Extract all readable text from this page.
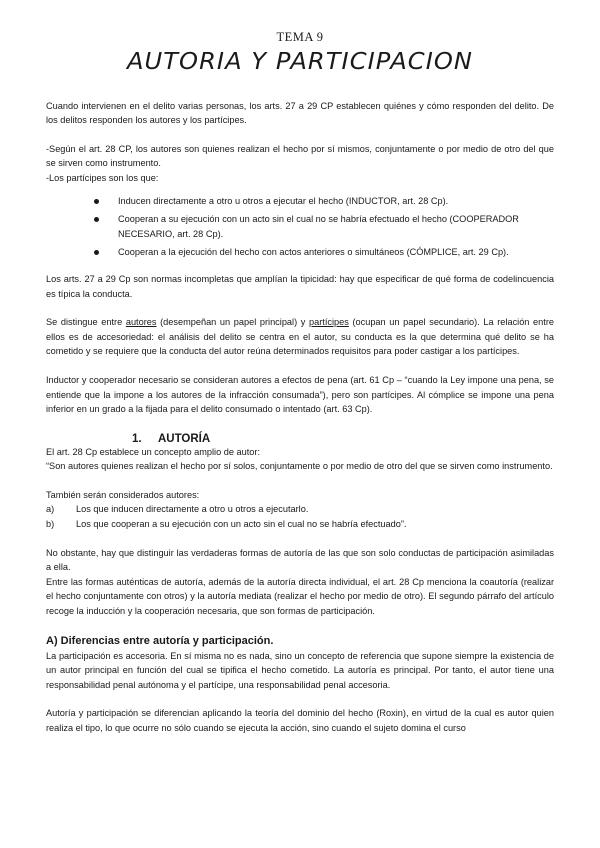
TEMA 9

AUTORIA Y PARTICIPACION

Cuando intervienen en el delito varias personas, los arts. 27 a 29 CP establecen quiénes y cómo responden del delito. De los delitos responden los autores y los partícipes.

-Según el art. 28 CP, los autores son quienes realizan el hecho por sí mismos, conjuntamente o por medio de otro del que se sirven como instrumento.

-Los partícipes son los que:

Inducen directamente a otro u otros a ejecutar el hecho (INDUCTOR, art. 28 Cp).
Cooperan a su ejecución con un acto sin el cual no se habría efectuado el hecho (COOPERADOR NECESARIO, art. 28 Cp).
Cooperan a la ejecución del hecho con actos anteriores o simultáneos (CÓMPLICE, art. 29 Cp).

Los arts. 27 a 29 Cp son normas incompletas que amplían la tipicidad: hay que especificar de qué forma de codelincuencia es típica la conducta.

Se distingue entre autores (desempeñan un papel principal) y partícipes (ocupan un papel secundario). La relación entre ellos es de accesoriedad: el análisis del delito se centra en el autor, su conducta es la que determina qué delito se ha cometido y se requiere que la conducta del autor reúna determinados requisitos para poder castigar a los partícipes.

Inductor y cooperador necesario se consideran autores a efectos de pena (art. 61 Cp – “cuando la Ley impone una pena, se entiende que la impone a los autores de la infracción consumada”), pero son partícipes. Al cómplice se impone una pena inferior en un grado a la fijada para el delito consumado o intentado (art. 63 Cp).

1. AUTORÍA

El art. 28 Cp establece un concepto amplio de autor:

“Son autores quienes realizan el hecho por sí solos, conjuntamente o por medio de otro del que se sirven como instrumento.

También serán considerados autores:

a) Los que inducen directamente a otro u otros a ejecutarlo.
b) Los que cooperan a su ejecución con un acto sin el cual no se habría efectuado”.

No obstante, hay que distinguir las verdaderas formas de autoría de las que son solo conductas de participación asimiladas a ella.

Entre las formas auténticas de autoría, además de la autoría directa individual, el art. 28 Cp menciona la coautoría (realizar el hecho conjuntamente con otros) y la autoría mediata (realizar el hecho por medio de otro). El segundo párrafo del artículo recoge la inducción y la cooperación necesaria, que son formas de participación.

A) Diferencias entre autoría y participación.

La participación es accesoria. En sí misma no es nada, sino un concepto de referencia que supone siempre la existencia de un autor principal en función del cual se tipifica el hecho cometido. La autoría es principal. Por tanto, el autor tiene una responsabilidad penal autónoma y el partícipe, una responsabilidad penal accesoria.

Autoría y participación se diferencian aplicando la teoría del dominio del hecho (Roxin), en virtud de la cual es autor quien realiza el tipo, lo que ocurre no sólo cuando se ejecuta la acción, sino cuando el sujeto domina el curso
